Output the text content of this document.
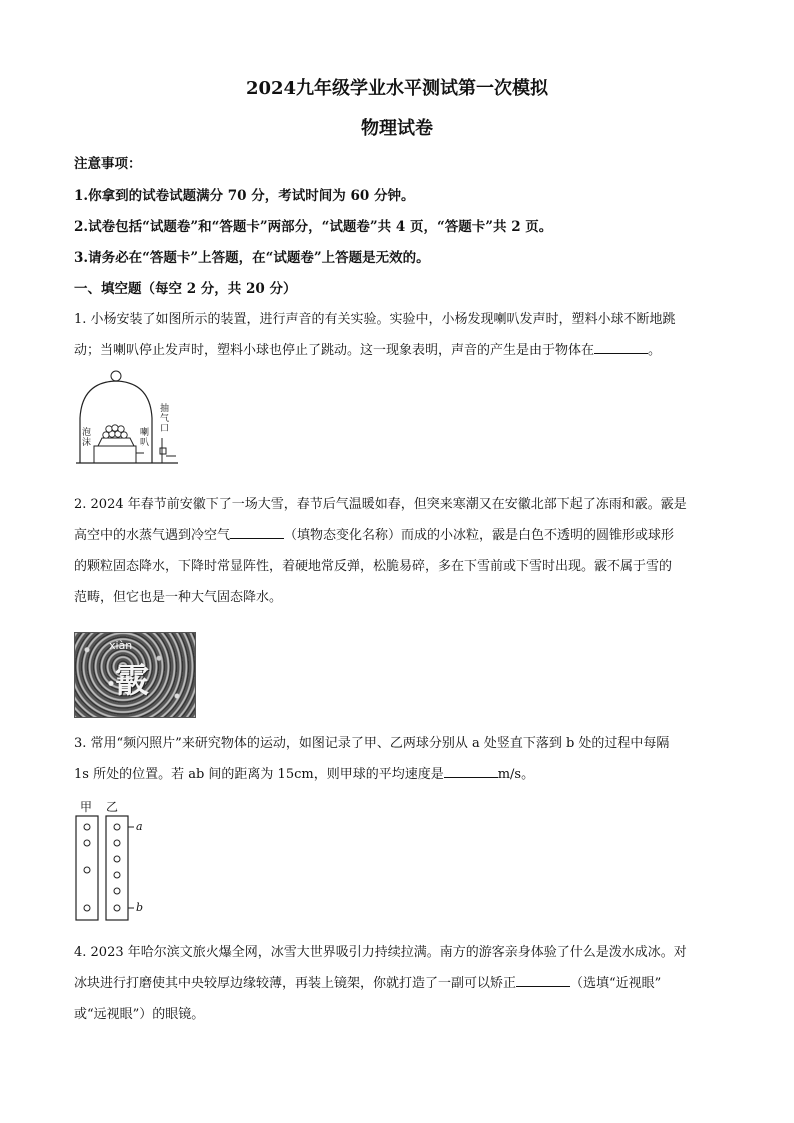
2024九年级学业水平测试第一次模拟
物理试卷
注意事项：
1.你拿到的试卷试题满分 70 分，考试时间为 60 分钟。
2.试卷包括“试题卷”和“答题卡”两部分，“试题卷”共 4 页，“答题卡”共 2 页。
3.请务必在“答题卡”上答题，在“试题卷”上答题是无效的。
一、填空题（每空 2 分，共 20 分）
1. 小杨安装了如图所示的装置，进行声音的有关实验。实验中，小杨发现喇叭发声时，塑料小球不断地跳
动；当喇叭停止发声时，塑料小球也停止了跳动。这一现象表明，声音的产生是由于物体在	。
泡沫
喇叭
抽气口
2. 2024 年春节前安徽下了一场大雪，春节后气温暖如春，但突来寒潮又在安徽北部下起了冻雨和霰。霰是
高空中的水蒸气遇到冷空气	（填物态变化名称）而成的小冰粒，霰是白色不透明的圆锥形或球形
的颗粒固态降水，下降时常显阵性，着硬地常反弹，松脆易碎，多在下雪前或下雪时出现。霰不属于雪的
范畴，但它也是一种大气固态降水。
xiàn
霰
3. 常用“频闪照片”来研究物体的运动，如图记录了甲、乙两球分别从 a 处竖直下落到 b 处的过程中每隔
1s 所处的位置。若 ab 间的距离为 15cm，则甲球的平均速度是	m/s。
甲 乙
a
b
4. 2023 年哈尔滨文旅火爆全网，冰雪大世界吸引力持续拉满。南方的游客亲身体验了什么是泼水成冰。对
冰块进行打磨使其中央较厚边缘较薄，再装上镜架，你就打造了一副可以矫正	（选填“近视眼”
或“远视眼”）的眼镜。
